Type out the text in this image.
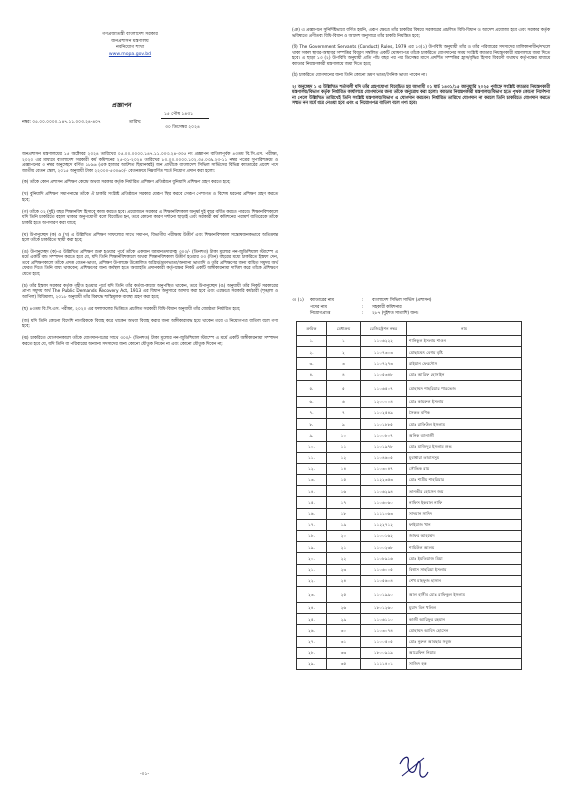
গণপ্রজাতন্ত্রী বাংলাদেশ সরকার
জনপ্রশাসন মন্ত্রণালয়
নবনিয়োগ শাখা
www.mopa.gov.bd
প্রজ্ঞাপন
১৫ পৌষ ১৪৩১
নম্বর: ০৫.০০.০০০০.১৪৭.১১.০০৩.২৪-৪০৭	তারিখ:
৩০ ডিসেম্বর ২০২৪

জনপ্রশাসন মন্ত্রণালয়ের ১৫ অক্টোবর ২০২৪ তারিখের ০৫.০০.০০০০.১৪৭.১১.০০৩.২৪-৩৩৫ নং প্রজ্ঞাপন বাতিলপূর্বক ৪৩তম বি.সি.এস. পরীক্ষা, ২০২০ এর মাধ্যমে বাংলাদেশ সরকারী কর্ম কমিশনের ২৫-০১-২০২৪ তারিখের ৮০.০০.০০০০.১০২.৩৫.০৩৯.২৩-১১ নম্বর পত্রের সুপারিশক্রমে ও প্রজ্ঞাপনের ৩ নম্বর অনুচ্ছেদে বর্ণিত ১৮৯৬ (এক হাজার আটশত ছিয়ানব্বই) জন প্রার্থীকে বাংলাদেশ সিভিল সার্ভিসের বিভিন্ন ক্যাডারের প্রবেশ পদে জাতীয় বেতন স্কেল, ২০১৫ অনুযায়ী টাকা ২২০০০-৫৩০৬০/- বেতনক্রমে নিম্নবর্ণিত শর্তে নিয়োগ প্রদান করা হলো:

(ক) তাঁকে কোন প্রশাসন প্রশিক্ষণ কেন্দ্রে অথবা সরকার কর্তৃক নির্ধারিত প্রশিক্ষণ প্রতিষ্ঠানে বুনিয়াদি প্রশিক্ষণ গ্রহণ করতে হবে;

(খ) বুনিয়াদি প্রশিক্ষণ সমাপনান্তে তাঁকে ঐ চাকরি সংশ্লিষ্ট প্রতিষ্ঠানে সরকার যেরূপ স্থির করবে সেরূপ পেশাগত ও বিশেষ ধরনের প্রশিক্ষণ গ্রহণ করতে হবে;

(গ) তাঁকে ০২ (দুই) বছর শিক্ষানবিশ হিসাবে কাজ করতে হবে। প্রয়োজনে সরকার এ শিক্ষানবিশকাল অনূর্ধ্ব দুই বছর বর্ধিত করতে পারবে। শিক্ষানবিশকালে যদি তিনি চাকরিতে বহাল থাকার অনুপযোগী বলে বিবেচিত হন, তবে কোনো কারণ দর্শানো ছাড়াই এবং সরকারী কর্ম কমিশনের পরামর্শ ব্যতিরেকে তাঁকে চাকরি হতে অপসারণ করা যাবে;

(ঘ) উপানুচ্ছেদ (ক) ও (খ) এ উল্লিখিত প্রশিক্ষণ সাফল্যের সাথে সমাপন, বিভাগীয় পরীক্ষায় উত্তীর্ণ এবং শিক্ষানবিশকাল সন্তোষজনকভাবে অতিক্রান্ত হলে তাঁকে চাকরিতে স্থায়ী করা হবে;

(ঙ) উপানুচ্ছেদ (ক)-এ উল্লিখিত প্রশিক্ষণ শুরু হওয়ার পূর্বে তাঁকে একজন জামানতদারসহ ৩০০/- (তিনশত) টাকা মূল্যের নন-জুডিশিয়াল স্ট্যাম্পে এ মর্মে একটি বন্ড সম্পাদন করতে হবে যে, যদি তিনি শিক্ষানবিশকালে অথবা শিক্ষানবিশকাল উত্তীর্ণ হওয়ার ০৩ (তিন) বছরের মধ্যে চাকরিতে ইস্তফা দেন, তবে প্রশিক্ষণকালে তাঁকে প্রদত্ত বেতন-ভাতা, প্রশিক্ষণ উপলক্ষে উত্তোলিত অগ্রিম/ভ্রমণভাতা/অন্যান্য ভাতাদি ও তাঁর প্রশিক্ষণের জন্য ব্যয়িত সমুদয় অর্থ ফেরত দিতে তিনি বাধ্য থাকবেন; প্রশিক্ষণের জন্য কর্মস্থল হতে অব্যাহতি প্রদানকারী কর্তৃপক্ষের নিকট একটি অঙ্গীকারনামা দাখিল করে তাঁকে প্রশিক্ষণে যেতে হবে;

(চ) তাঁর ইস্তফা সরকার কর্তৃক গৃহীত হওয়ার পূর্বে যদি তিনি তাঁর কর্তব্য-কাজে অনুপস্থিত থাকেন, তবে উপানুচ্ছেদ (ঙ) অনুযায়ী তাঁর নিকট সরকারের প্রাপ্য সমুদয় অর্থ The Public Demands Recovery Act, 1913 এর বিধান অনুসারে আদায় করা হবে এবং এক্ষেত্রে সরকারি কর্মচারী (শৃঙ্খলা ও আপিল) বিধিমালা, ২০১৮ অনুযায়ী তাঁর বিরুদ্ধে শাস্তিমূলক ব্যবস্থা গ্রহণ করা হবে;

(ছ) ৪৩তম বি.সি.এস. পরীক্ষা, ২০২০ এর ফলাফলের ভিত্তিতে প্রচলিত সরকারী বিধি-বিধান অনুযায়ী তাঁর জ্যেষ্ঠতা নির্ধারিত হবে;

(জ) যদি তিনি কোনো বিদেশি নাগরিককে বিবাহ করে থাকেন অথবা বিবাহ করার জন্য অঙ্গীকারাবদ্ধ হয়ে থাকেন তবে এ নিয়োগপত্র বাতিল বলে গণ্য হবে;

(ঝ) চাকরিতে যোগদানকালে তাঁকে যোগদানপত্রের সাথে ৩০০/- (তিনশত) টাকা মূল্যের নন-জুডিশিয়াল স্ট্যাম্পে এ মর্মে একটি অঙ্গীকারনামা সম্পাদন করতে হবে যে, যদি তিনি বা পরিবারের অন্যান্য সদস্যদের জন্য কোনো যৌতুক নিবেন না এবং কোনো যৌতুক দিবেন না;

(ঞ) এ প্রজ্ঞাপনে সুনির্দিষ্টভাবে বর্ণিত হয়নি, এরূপ ক্ষেত্রে তাঁর চাকরির বিষয়ে সরকারের প্রচলিত বিধি-বিধান ও আদেশ প্রযোজ্য হবে এবং সরকার কর্তৃক ভবিষ্যতে প্রণীতব্য বিধি-বিধান ও আদেশ অনুসারে তাঁর চাকরি নিয়ন্ত্রিত হবে;

(ট) The Government Servants (Conduct) Rules, 1979 এর ১৩(১) উপবিধি অনুযায়ী তাঁর ও তাঁর পরিবারের সদস্যদের মালিকানাধীন/দখলে থাকা সকল স্থাবর-অস্থাবর সম্পত্তির বিবরণ সম্বলিত একটি ঘোষণাপত্র তাঁকে চাকরিতে যোগদানের সময় সংশ্লিষ্ট ক্যাডার নিয়ন্ত্রণকারী মন্ত্রণালয়ে জমা দিতে হবে। এ ছাড়া ১৩ (২) উপবিধি অনুযায়ী প্রতি পাঁচ বছর পর পর ডিসেম্বর মাসে প্রদর্শিত সম্পত্তির হ্রাস/বৃদ্ধির হিসাব বিবরণী যথাযথ কর্তৃপক্ষের মাধ্যমে ক্যাডার নিয়ন্ত্রণকারী মন্ত্রণালয়ে জমা দিতে হবে;

(ঠ) চাকরিতে যোগদানের জন্য তিনি কোনো ভ্রমণ ভাতা/দৈনিক ভাতা পাবেন না।

২। অনুচ্ছেদ ১ এ উল্লিখিত শর্তাবলী যদি তাঁর গ্রহণযোগ্য বিবেচিত হয় আগামী ০১ মার্চ ১৪৩১/১৫ জানুয়ারি ২০২৫ পূর্বাহ্নে সংশ্লিষ্ট ক্যাডার নিয়ন্ত্রণকারী মন্ত্রণালয়/বিভাগ কর্তৃক নির্ধারিত কার্যালয়ে যোগদানের জন্য তাঁকে অনুরোধ করা হলো। ক্যাডার নিয়ন্ত্রণকারী মন্ত্রণালয়/বিভাগ হতে পৃথক কোনো নির্দেশনা না পেলে উল্লিখিত তারিখেই তিনি সংশ্লিষ্ট মন্ত্রণালয়/বিভাগ এ যোগদান করবেন। নির্ধারিত তারিখে যোগদান না করলে তিনি চাকরিতে যোগদান করতে সম্মত নন মর্মে ধরে নেওয়া হবে এবং এ নিয়োগপত্র বাতিল বলে গণ্য হবে।

৩। (১)	ক্যাডারের নাম	:	বাংলাদেশ সিভিল সার্ভিস (প্রশাসন)
পদের নাম	:	সহকারী কমিশনার
নিয়োগপ্রাপ্ত	:	২৮৭ (দুইশত সাতাশি) জন।
ক্রমিক	মেধাক্রম	রেজিস্ট্রেশন নম্বর	নাম
১.	১	১১০৬২২২	শানিকুল ইসলাম শাওন
২.	২	১১০৭৩০৩	মোছাম্মেৎ বেগম বৃষ্টি
৩.	৩	১১০৭২৭৩	রাইয়ান ফেরদৌস
৪.	৪	১১০৫৩৪৮	মোঃ আরিফ হোসাইন
৫.	৫	১১০৬৫০৭	মোহাম্মদ শাহরিয়ার পারভেজ
৬.	৬	১২০০০০৪	মোঃ কামরুল ইসলাম
৭.	৭	১১০২৫৪৯	সৈকত বণিক
৮.	৯	১১০১৮৮৫	মোঃ রাফিউল ইসলাম
৯.	১০	১১০০৮০৭	অনিক ব্যানার্জী
১০.	১১	১১০১৯৭৮	মোঃ মাজিদুর ইসলাম শুভ
১১.	১২	১১০৪৬০৫	মুবাশ্বারা তাবাসসুম
১২.	১৪	১১০৩০৪৭	সৌভিক রায়
১৩.	১৫	১১২২৩৫৩	মোঃ শামীম শাহরিয়ার
১৪.	১৬	১১০৬২৯৪	তানভীর হোসেন জয়
১৫.	১৭	১১০৬০৬০	নাফিস ইকবাল নাফি
১৬.	১৮	১১১১০৬৩	সাদমান সাদিদ
১৭.	১৯	১১২২৭১২	ফাইয়াজ খান
১৮.	২০	১১০০১৬২	জাফর আহম্মেদ
১৯.	২১	১১০০২৩৮	শামিউল আলম
২০.	২২	১১০৮৯১৬	মোঃ ইমতিয়াজ মিয়া
২১.	২৩	১১০৬০০৫	বিশ্বাস সাহরিয়া ইসলাম
২২.	২৪	১১০৫৬০৪	শেখ মাহফুজ হাসান
২৩.	২৫	১১০১৯৯০	আল হাসীব মোঃ রাফিকুল ইসলাম
২৪.	২৬	১৮০১২৬০	মুয়াদ বিন খলিল
২৫.	২৯	১১০৬১১০	কাজী আরিফুর রহমান
২৬.	৩০	১১০৩০৭৪	মোহাম্মদ আবিদ হোসেন
২৭.	৩১	১১০০৫০৫	মোঃ নুরুল আবছার সবুজ
২৮.	৩৩	১৮০০৯১৯	আরেফিন নিয়াম
২৯.	৩৫	১১১১৪০১	সাজিদ হক
-০১-
